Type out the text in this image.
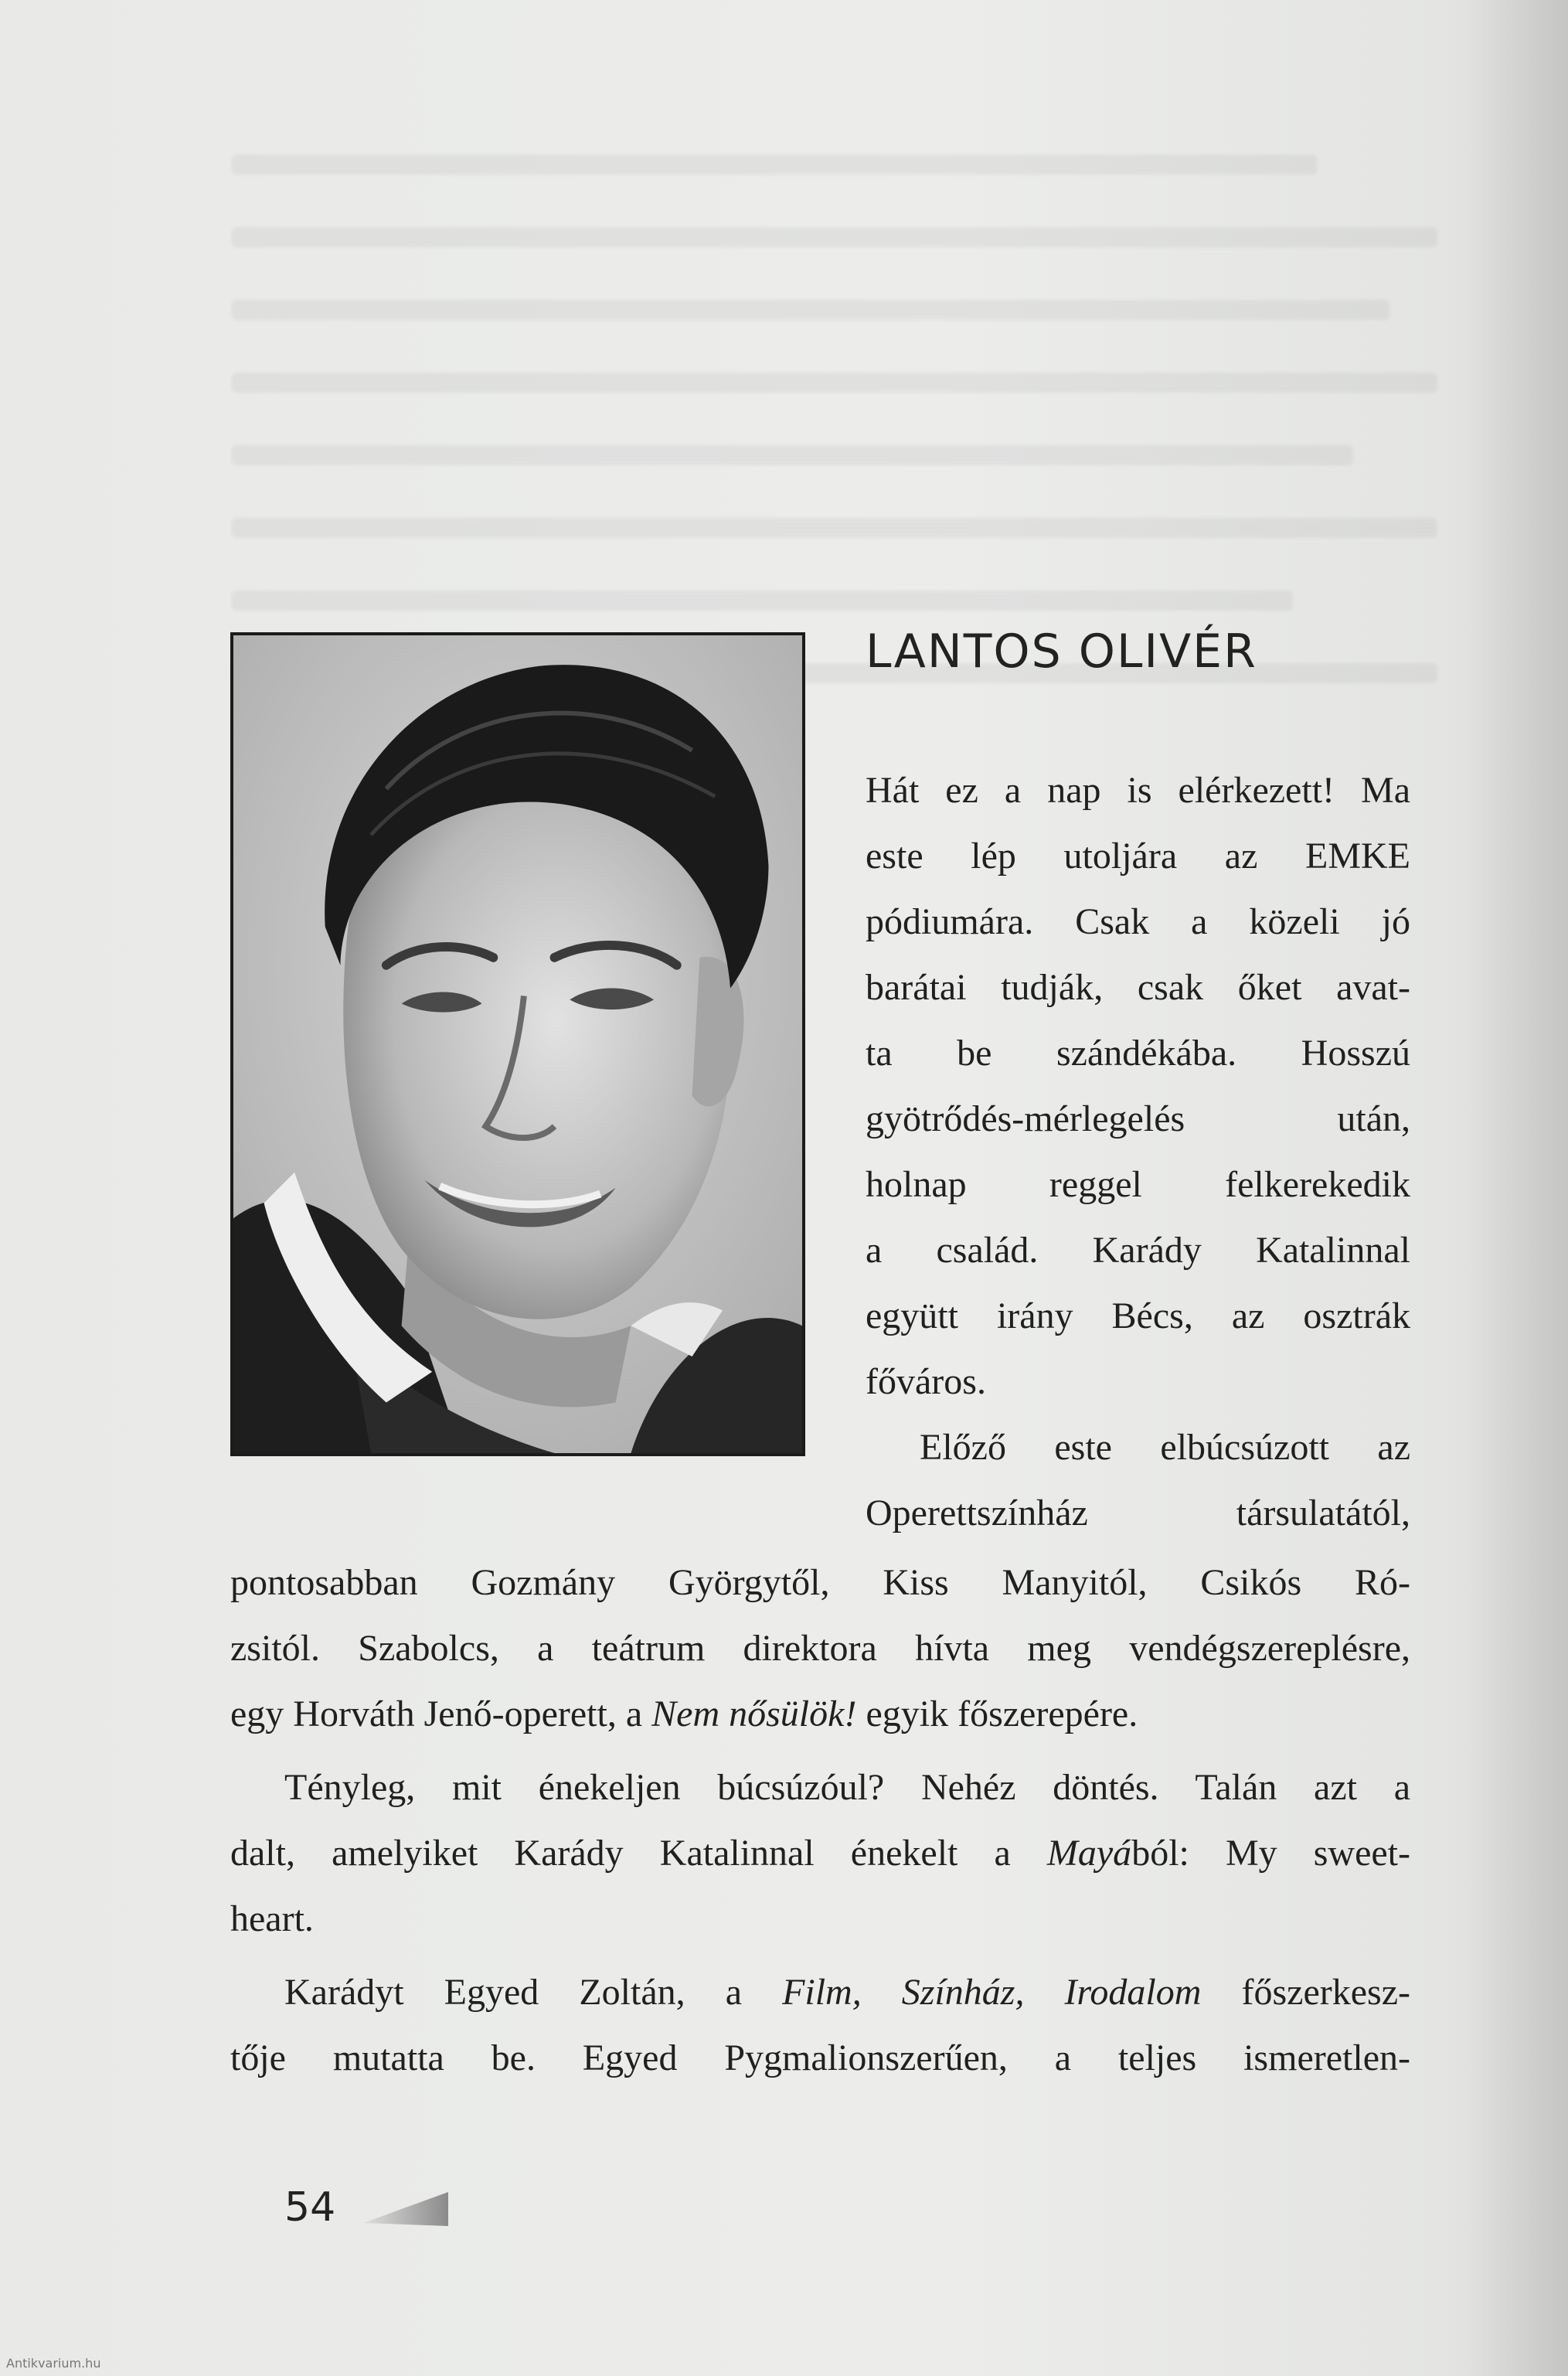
LANTOS OLIVÉR
Hát ez a nap is elérkezett! Ma
este lép utoljára az EMKE
pódiumára. Csak a közeli jó
barátai tudják, csak őket avat-
ta be szándékába. Hosszú
gyötrődés-mérlegelés után,
holnap reggel felkerekedik
a család. Karády Katalinnal
együtt irány Bécs, az osztrák
főváros.
Előző este elbúcsúzott az
Operettszínház társulatától,
pontosabban Gozmány Györgytől, Kiss Manyitól, Csikós Ró-
zsitól. Szabolcs, a teátrum direktora hívta meg vendégszereplésre,
egy Horváth Jenő-operett, a Nem nősülök! egyik főszerepére.
Tényleg, mit énekeljen búcsúzóul? Nehéz döntés. Talán azt a
dalt, amelyiket Karády Katalinnal énekelt a Mayából: My sweet-
heart.
Karádyt Egyed Zoltán, a Film, Színház, Irodalom főszerkesz-
tője mutatta be. Egyed Pygmalionszerűen, a teljes ismeretlen-
54
Antikvarium.hu
